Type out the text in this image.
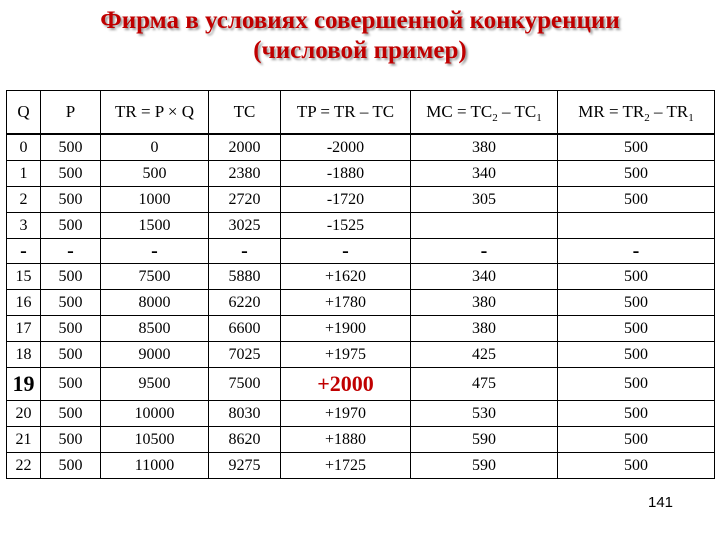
Фирма в условиях совершенной конкуренции
(числовой пример)
Q	P	TR = P × Q	TC	TP = TR – TC	MC = $TC_2 - TC_1$	MR = $TR_2 - TR_1$
0	500	0	2000	-2000	380	500
1	500	500	2380	-1880	340	500
2	500	1000	2720	-1720	305	500
3	500	1500	3025	-1525		
-	-	-	-	-	-	-
15	500	7500	5880	+1620	340	500
16	500	8000	6220	+1780	380	500
17	500	8500	6600	+1900	380	500
18	500	9000	7025	+1975	425	500
19	500	9500	7500	+2000	475	500
20	500	10000	8030	+1970	530	500
21	500	10500	8620	+1880	590	500
22	500	11000	9275	+1725	590	500
141
